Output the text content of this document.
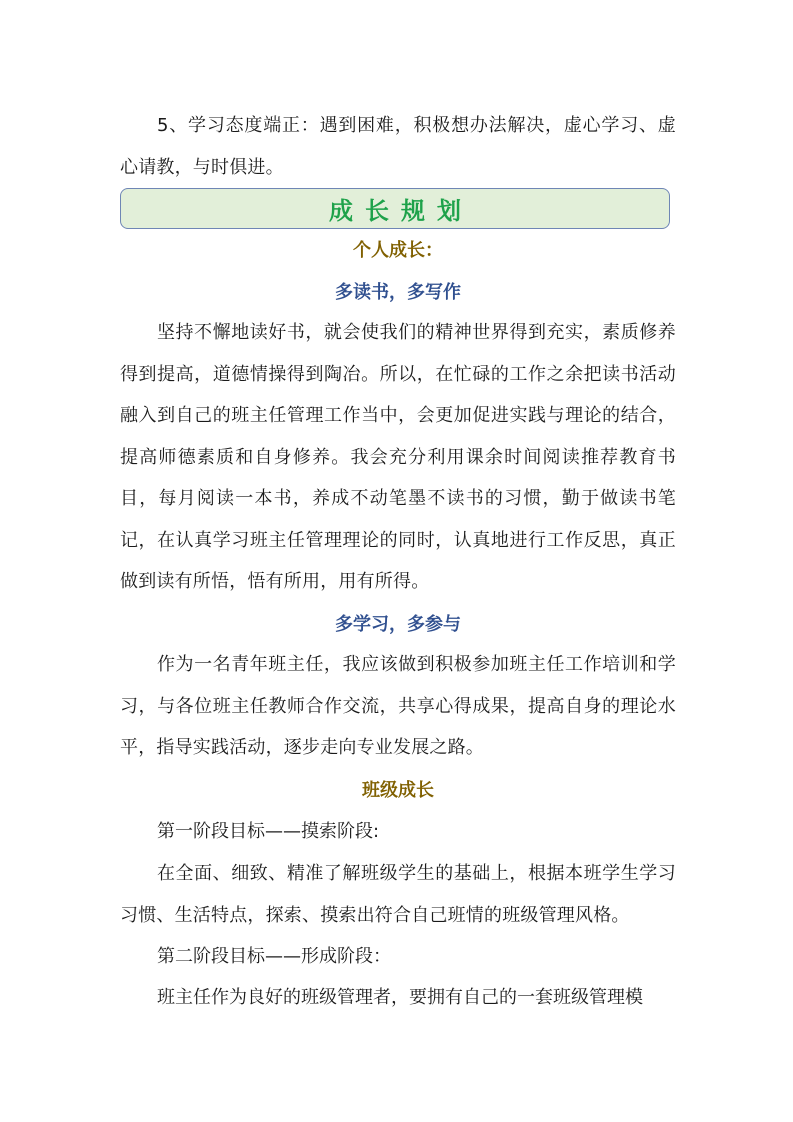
5、学习态度端正：遇到困难，积极想办法解决，虚心学习、虚心请教，与时俱进。
成长规划
个人成长：
多读书，多写作
坚持不懈地读好书，就会使我们的精神世界得到充实，素质修养得到提高，道德情操得到陶冶。所以，在忙碌的工作之余把读书活动融入到自己的班主任管理工作当中，会更加促进实践与理论的结合，提高师德素质和自身修养。我会充分利用课余时间阅读推荐教育书目，每月阅读一本书，养成不动笔墨不读书的习惯，勤于做读书笔记，在认真学习班主任管理理论的同时，认真地进行工作反思，真正做到读有所悟，悟有所用，用有所得。
多学习，多参与
作为一名青年班主任，我应该做到积极参加班主任工作培训和学习，与各位班主任教师合作交流，共享心得成果，提高自身的理论水平，指导实践活动，逐步走向专业发展之路。
班级成长
第一阶段目标——摸索阶段:
在全面、细致、精准了解班级学生的基础上，根据本班学生学习习惯、生活特点，探索、摸索出符合自己班情的班级管理风格。
第二阶段目标——形成阶段：
班主任作为良好的班级管理者，要拥有自己的一套班级管理模
